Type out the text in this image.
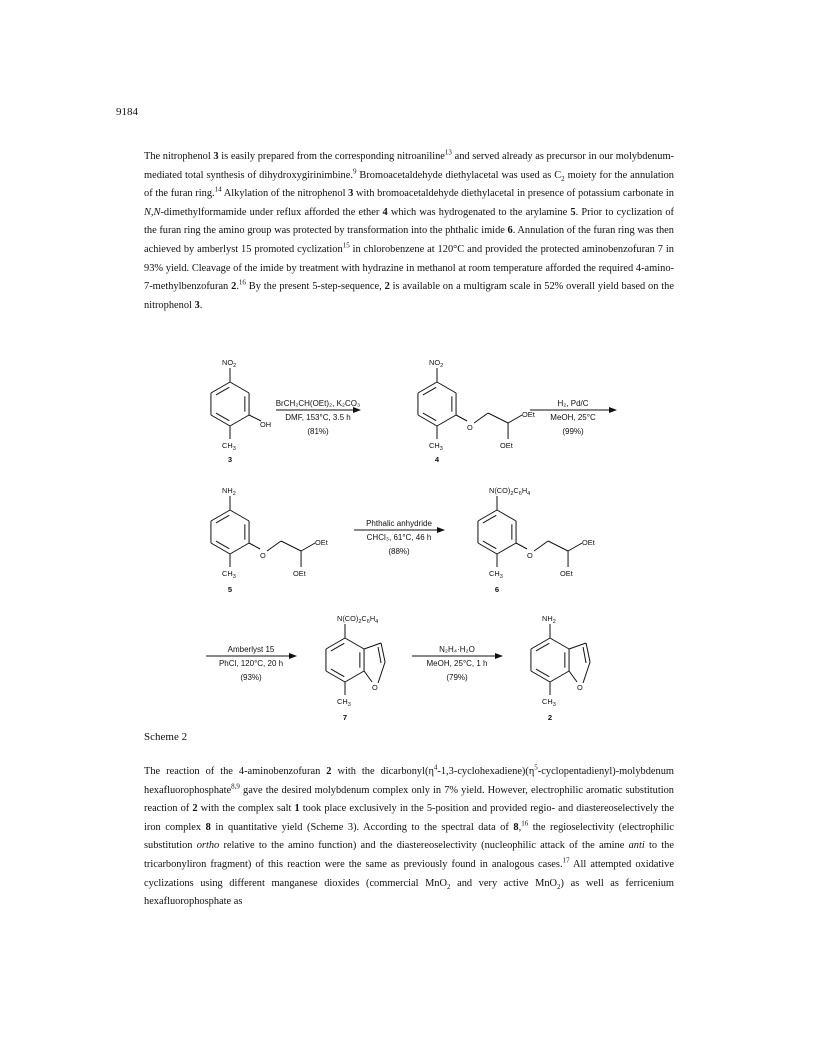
9184

The nitrophenol 3 is easily prepared from the corresponding nitroaniline$^{13}$ and served already as precursor in our molybdenum-mediated total synthesis of dihydroxygirinimbine.$^9$ Bromoacetaldehyde diethylacetal was used as $C_2$ moiety for the annulation of the furan ring.$^{14}$ Alkylation of the nitrophenol 3 with bromoacetaldehyde diethylacetal in presence of potassium carbonate in N,N-dimethylformamide under reflux afforded the ether 4 which was hydrogenated to the arylamine 5. Prior to cyclization of the furan ring the amino group was protected by transformation into the phthalic imide 6. Annulation of the furan ring was then achieved by amberlyst 15 promoted cyclization$^{15}$ in chlorobenzene at 120°C and provided the protected aminobenzofuran 7 in 93% yield. Cleavage of the imide by treatment with hydrazine in methanol at room temperature afforded the required 4-amino-7-methylbenzofuran 2.16 By the present 5-step-sequence, 2 is available on a multigram scale in 52% overall yield based on the nitrophenol 3.

$NO_2$
$CH_3$
OH
3
BrCH₂CH(OEt)₂, K₂CO₃
DMF, 153°C, 3.5 h
(81%)
$NO_2$
$CH_3$
O
OEt
OEt
4
H₂, Pd/C
MeOH, 25°C
(99%)
$NH_2$
$CH_3$
O
OEt
OEt
5
Phthalic anhydride
CHCl₃, 61°C, 46 h
(88%)
$N(CO)_2C_6H_4$
$CH_3$
O
OEt
OEt
6
Amberlyst 15
PhCl, 120°C, 20 h
(93%)
$N(CO)_2C_6H_4$
$CH_3$
O
7
N₂H₄·H₂O
MeOH, 25°C, 1 h
(79%)
$NH_2$
$CH_3$
O
2
Scheme 2

The reaction of the 4-aminobenzofuran 2 with the $dicarbonyl(\eta^4-1,3-cyclohexadiene)(\eta^5-cyclopentadienyl)$-molybdenum hexafluorophosphate$^{8,9}$ gave the desired molybdenum complex only in 7% yield. However, electrophilic aromatic substitution reaction of 2 with the complex salt 1 took place exclusively in the 5-position and provided regio- and diastereoselectively the iron complex 8 in quantitative yield (Scheme 3). According to the spectral data of 8,16 the regioselectivity (electrophilic substitution ortho relative to the amino function) and the diastereoselectivity (nucleophilic attack of the amine anti to the tricarbonyliron fragment) of this reaction were the same as previously found in analogous cases.$^{17}$ All attempted oxidative cyclizations using different manganese dioxides (commercial MnO$_2$ and very active MnO$_2$) as well as ferricenium hexafluorophosphate as
